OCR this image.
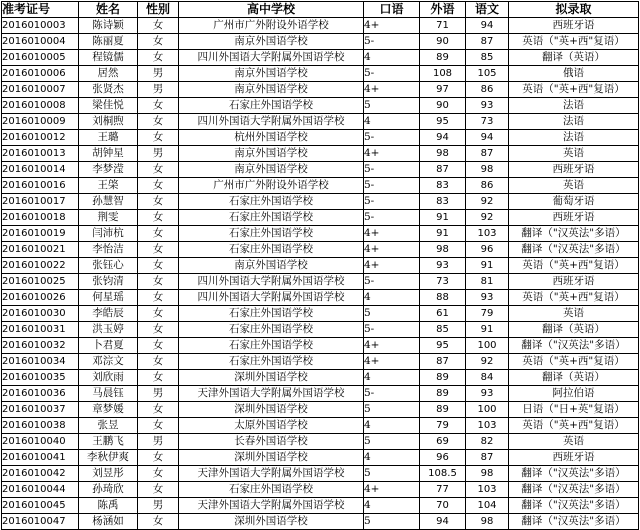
准考证号	姓名	性别	高中学校	口语	外语	语文	拟录取
2016010003	陈诗颖	女	广州市广外附设外语学校	4+	71	94	西班牙语
2016010004	陈丽夏	女	南京外国语学校	5-	90	87	英语（"英+西"复语）
2016010005	程镜儒	女	四川外国语大学附属外国语学校	4	89	85	翻译（英语）
2016010006	居然	男	南京外国语学校	5-	108	105	俄语
2016010007	张贤杰	男	南京外国语学校	4+	97	86	英语（"英+西"复语）
2016010008	梁佳悦	女	石家庄外国语学校	5	90	93	法语
2016010009	刘桐煦	女	四川外国语大学附属外国语学校	4	95	73	法语
2016010012	王璐	女	杭州外国语学校	5-	94	94	法语
2016010013	胡钟星	男	南京外国语学校	4+	98	87	英语
2016010014	李梦滢	女	南京外国语学校	5-	87	98	西班牙语
2016010016	王棨	女	广州市广外附设外语学校	5-	83	86	英语
2016010017	孙慧智	女	石家庄外国语学校	5-	83	92	葡萄牙语
2016010018	荆雯	女	石家庄外国语学校	5-	91	92	西班牙语
2016010019	闫沛杭	女	石家庄外国语学校	4+	91	103	翻译（"汉英法"多语）
2016010021	李怡洁	女	石家庄外国语学校	4+	98	96	翻译（"汉英法"多语）
2016010022	张钰心	女	南京外国语学校	4+	93	91	英语（"英+西"复语）
2016010025	张钧清	女	四川外国语大学附属外国语学校	5-	73	81	西班牙语
2016010026	何星瑶	女	四川外国语大学附属外国语学校	4	88	93	英语（"英+西"复语）
2016010030	李皓辰	女	石家庄外国语学校	5	61	79	英语
2016010031	洪玉婷	女	石家庄外国语学校	5-	85	91	翻译（英语）
2016010032	卜君夏	女	石家庄外国语学校	4+	95	100	翻译（"汉英法"多语）
2016010034	邓淙文	女	石家庄外国语学校	4+	87	92	英语（"英+西"复语）
2016010035	刘欣雨	女	深圳外国语学校	4	89	84	翻译（英语）
2016010036	马晨钰	男	天津外国语大学附属外国语学校	5-	89	93	阿拉伯语
2016010037	章梦媛	女	深圳外国语学校	5	89	100	日语（"日+英"复语）
2016010038	张昱	女	太原外国语学校	4	79	103	英语（"英+西"复语）
2016010040	王鹏飞	男	长春外国语学校	5	69	82	英语
2016010041	李秋伊爽	女	深圳外国语学校	4	96	87	西班牙语
2016010042	刘昱彤	女	天津外国语大学附属外国语学校	5	108.5	98	翻译（"汉英法"多语）
2016010044	孙琦欣	女	石家庄外国语学校	4+	77	103	翻译（"汉英法"多语）
2016010045	陈禹	男	天津外国语大学附属外国语学校	4	70	104	翻译（"汉英法"多语）
2016010047	杨涵如	女	深圳外国语学校	5	94	98	翻译（"汉英法"多语）
